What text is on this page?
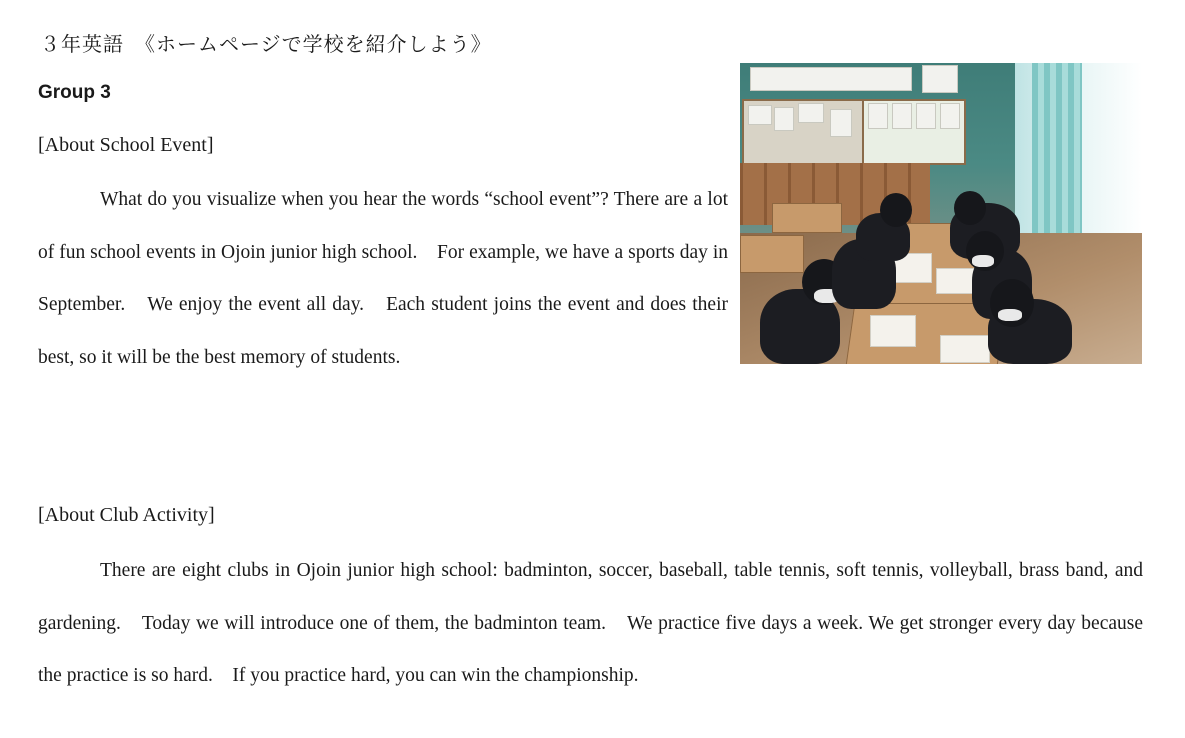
３年英語　《ホームページで学校を紹介しよう》
Group 3
[About School Event]

What do you visualize when you hear the words “school event”? There are a lot of fun school events in Ojoin junior high school.　For example, we have a sports day in September.　We enjoy the event all day.　Each student joins the event and does their best, so it will be the best memory of students.

[About Club Activity]

There are eight clubs in Ojoin junior high school: badminton, soccer, baseball, table tennis, soft tennis, volleyball, brass band, and gardening.　Today we will introduce one of them, the badminton team.　We practice five days a week. We get stronger every day because the practice is so hard.　If you practice hard, you can win the championship.
